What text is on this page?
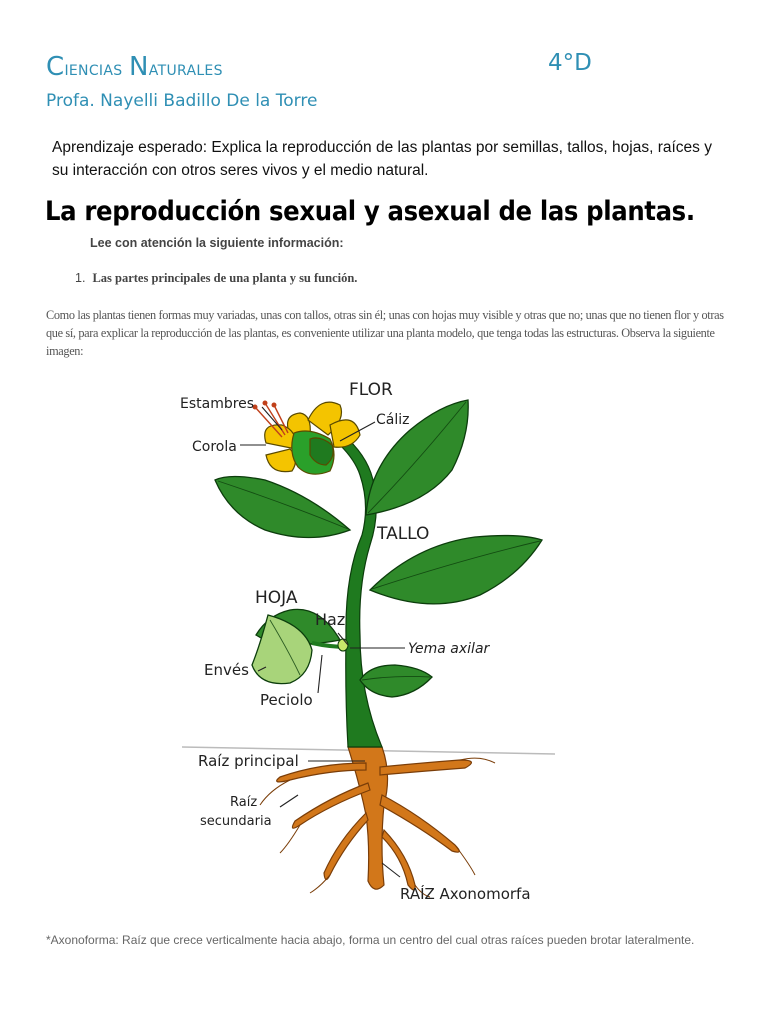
Ciencias Naturales	4°D
Profa. Nayelli Badillo De la Torre
Aprendizaje esperado: Explica la reproducción de las plantas por semillas, tallos, hojas, raíces y su interacción con otros seres vivos y el medio natural.
La reproducción sexual y asexual de las plantas.
Lee con atención la siguiente información:
1. Las partes principales de una planta y su función.
Como las plantas tienen formas muy variadas, unas con tallos, otras sin él; unas con hojas muy visible y otras que no; unas que no tienen flor y otras que sí, para explicar la reproducción de las plantas, es conveniente utilizar una planta modelo, que tenga todas las estructuras. Observa la siguiente imagen:
Estambres
FLOR
Cáliz
Corola
TALLO
HOJA
Haz
Yema axilar
Envés
Peciolo
Raíz principal
Raíz
secundaria
RAÍZ Axonomorfa
*Axonoforma: Raíz que crece verticalmente hacia abajo, forma un centro del cual otras raíces pueden brotar lateralmente.
